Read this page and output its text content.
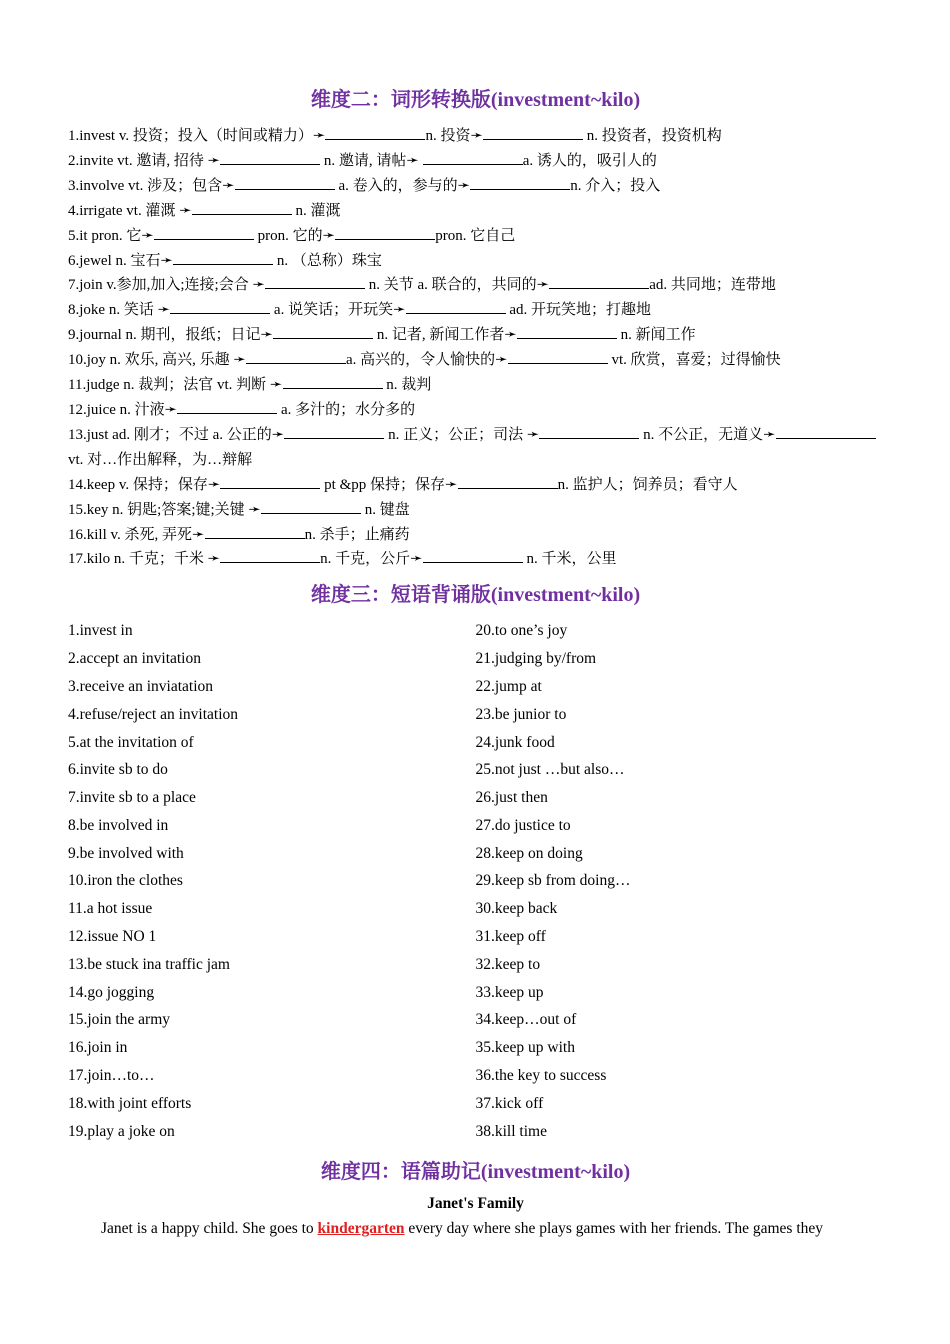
维度二：词形转换版(investment~kilo)
1.invest v. 投资；投入（时间或精力）➛	n. 投资➛	n. 投资者，投资机构
2.invite vt. 邀请, 招待 ➛	n. 邀请, 请帖➛	a. 诱人的，吸引人的
3.involve vt. 涉及；包含➛	a. 卷入的，参与的➛	n. 介入；投入
4.irrigate vt. 灌溉 ➛	n. 灌溉
5.it pron. 它➛	pron. 它的➛	pron. 它自己
6.jewel n. 宝石➛	n. （总称）珠宝
7.join v.参加,加入;连接;会合 ➛	n. 关节 a. 联合的，共同的➛	ad. 共同地；连带地
8.joke n. 笑话 ➛	a. 说笑话；开玩笑➛	ad. 开玩笑地；打趣地
9.journal n. 期刊，报纸；日记➛	n. 记者, 新闻工作者➛	n. 新闻工作
10.joy n. 欢乐, 高兴, 乐趣 ➛	a. 高兴的，令人愉快的➛	vt. 欣赏，喜爱；过得愉快
11.judge n. 裁判；法官 vt. 判断 ➛	n. 裁判
12.juice n. 汁液➛	a. 多汁的；水分多的
13.just ad. 刚才；不过 a. 公正的➛	n. 正义；公正；司法 ➛	n. 不公正，无道义➛ vt. 对…作出解释，为…辩解
14.keep v. 保持；保存➛	pt &pp 保持；保存➛	n. 监护人；饲养员；看守人
15.key n. 钥匙;答案;键;关键 ➛	n. 键盘
16.kill v. 杀死, 弄死➛	n. 杀手；止痛药
17.kilo n. 千克；千米 ➛	n. 千克，公斤➛	n. 千米，公里
维度三：短语背诵版(investment~kilo)
1.invest in
2.accept an invitation
3.receive an inviatation
4.refuse/reject an invitation
5.at the invitation of
6.invite sb to do
7.invite sb to a place
8.be involved in
9.be involved with
10.iron the clothes
11.a hot issue
12.issue NO 1
13.be stuck ina traffic jam
14.go jogging
15.join the army
16.join in
17.join…to…
18.with joint efforts
19.play a joke on
20.to one’s joy
21.judging by/from
22.jump at
23.be junior to
24.junk food
25.not just …but also…
26.just then
27.do justice to
28.keep on doing
29.keep sb from doing…
30.keep back
31.keep off
32.keep to
33.keep up
34.keep…out of
35.keep up with
36.the key to success
37.kick off
38.kill time
维度四：语篇助记(investment~kilo)
Janet's Family
Janet is a happy child. She goes to kindergarten every day where she plays games with her friends. The games they
